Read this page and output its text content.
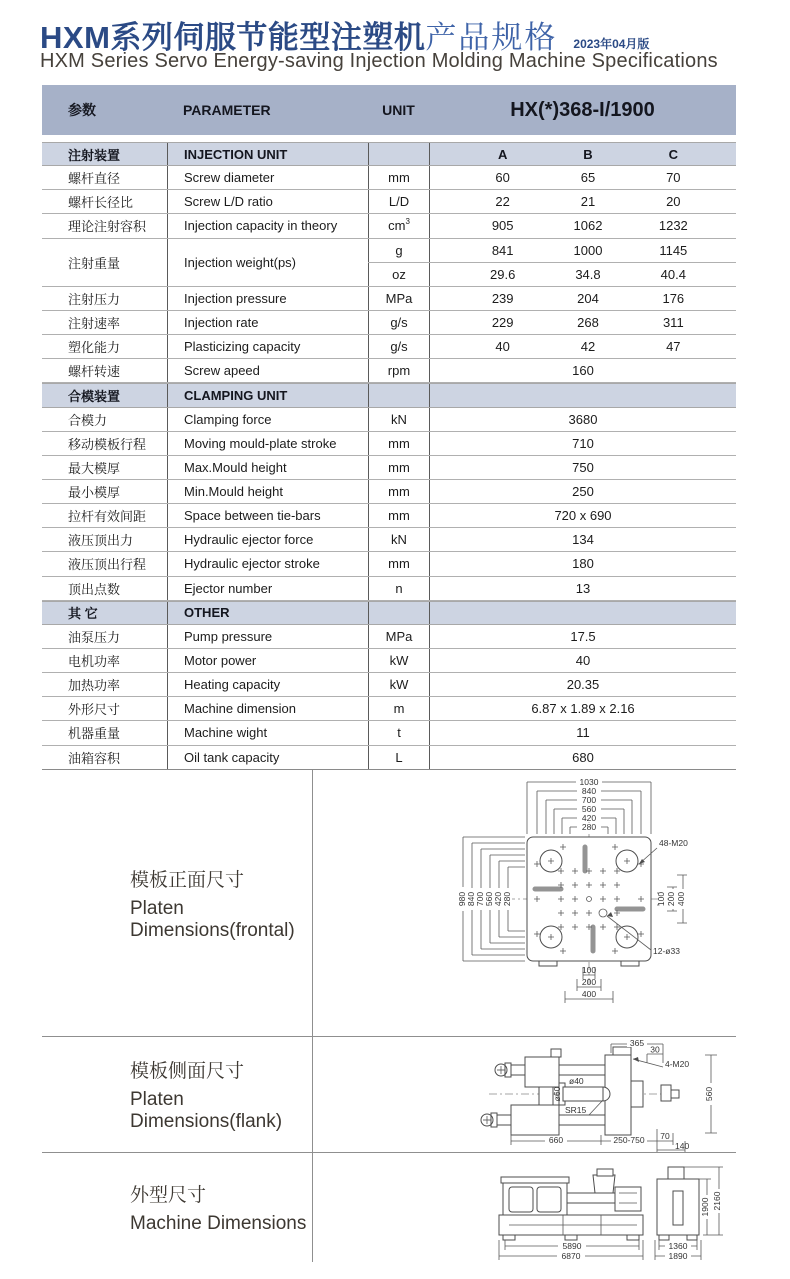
HXM系列伺服节能型注塑机 产品规格 2023年04月版
HXM Series Servo Energy-saving Injection Molding Machine Specifications
参数	PARAMETER	UNIT	HX(*)368-I/1900
注射装置	INJECTION UNIT	A	B	C
螺杆直径	Screw diameter	mm	60	65	70
螺杆长径比	Screw L/D ratio	L/D	22	21	20
理论注射容积	Injection capacity in theory	$cm^3$	905	1062	1232
注射重量	Injection weight(ps)
g	841	1000	1145
oz	29.6	34.8	40.4
注射压力	Injection pressure	MPa	239	204	176
注射速率	Injection rate	g/s	229	268	311
塑化能力	Plasticizing capacity	g/s	40	42	47
螺杆转速	Screw apeed	rpm	160
合模装置	CLAMPING UNIT
合模力	Clamping force	kN	3680
移动模板行程	Moving mould-plate stroke	mm	710
最大模厚	Max.Mould height	mm	750
最小模厚	Min.Mould height	mm	250
拉杆有效间距	Space between tie-bars	mm	720 x 690
液压顶出力	Hydraulic ejector force	kN	134
液压顶出行程	Hydraulic ejector stroke	mm	180
顶出点数	Ejector number	n	13
其 它	OTHER
油泵压力	Pump pressure	MPa	17.5
电机功率	Motor power	kW	40
加热功率	Heating capacity	kW	20.35
外形尺寸	Machine dimension	m	6.87 x 1.89 x 2.16
机器重量	Machine wight	t	11
油箱容积	Oil tank capacity	L	680
模板正面尺寸
Platen Dimensions(frontal)
1030
840
700
560
420
280
980 840 700 560 420 280
100
200
400
100 200 400
48-M20
12-ø33
模板侧面尺寸
Platen Dimensions(flank)
365
30
4-M20
ø40
ø60
SR15
560
660	250-750 70
140
外型尺寸
Machine Dimensions
5890
6870
1360
1890
1900 2160
